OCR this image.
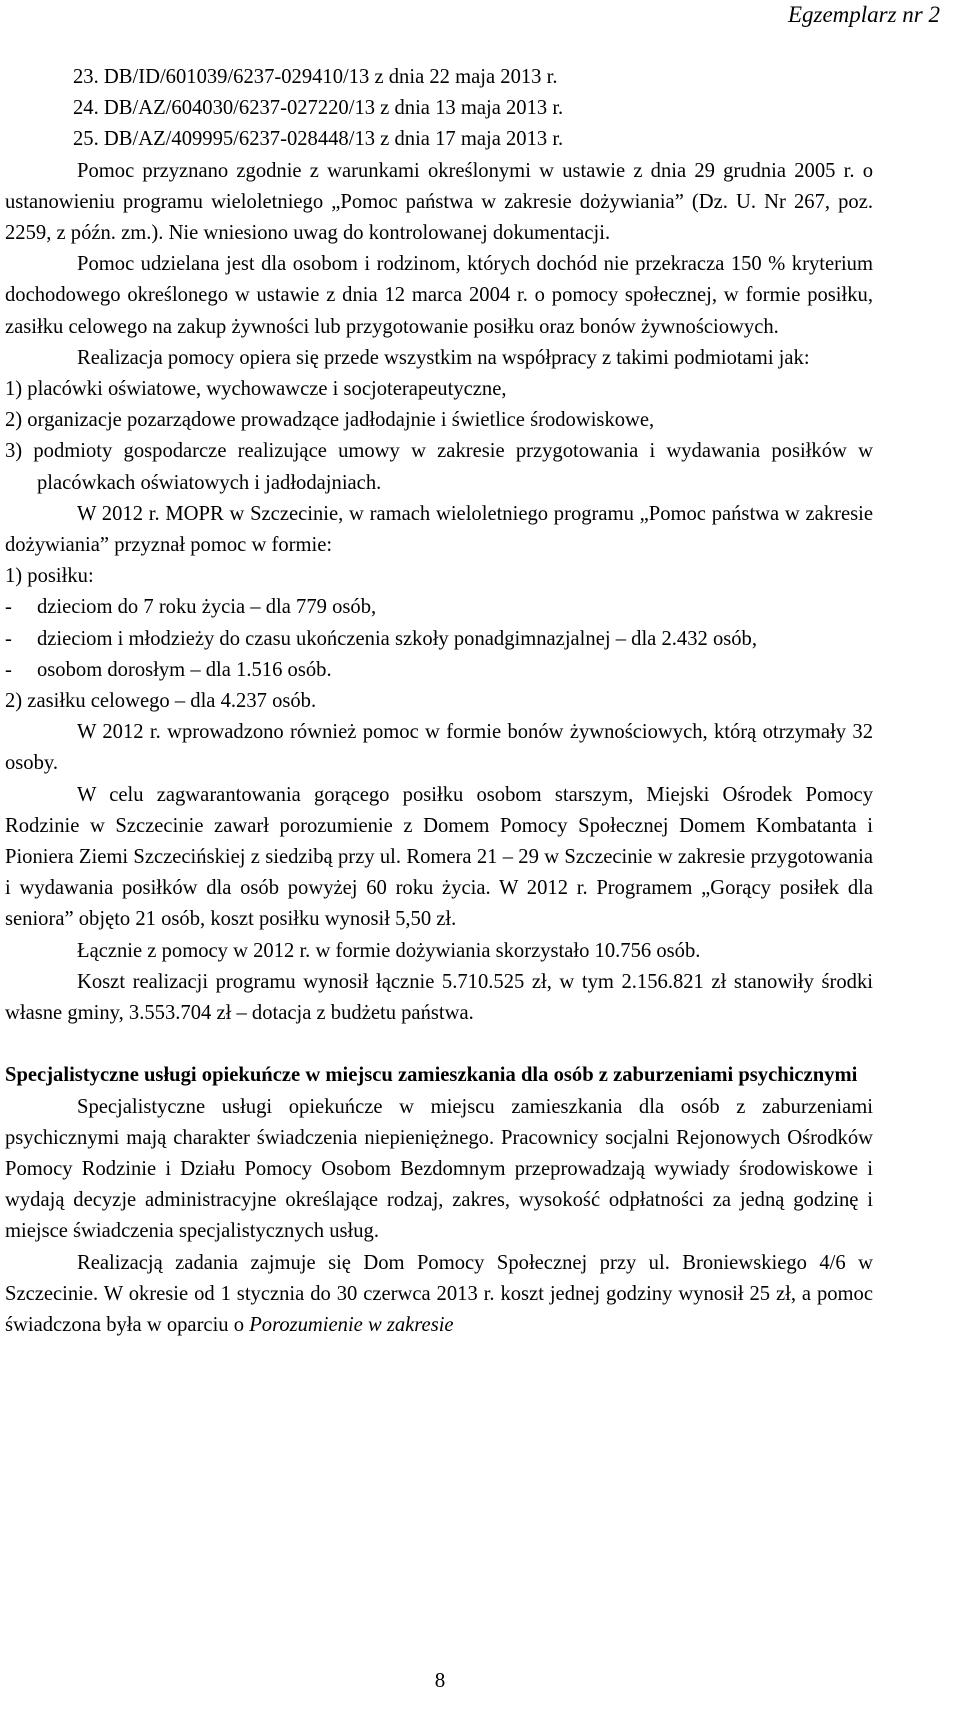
Egzemplarz nr 2
23. DB/ID/601039/6237-029410/13 z dnia 22 maja 2013 r.
24. DB/AZ/604030/6237-027220/13 z dnia 13 maja 2013 r.
25. DB/AZ/409995/6237-028448/13 z dnia 17 maja 2013 r.

Pomoc przyznano zgodnie z warunkami określonymi w ustawie z dnia 29 grudnia 2005 r. o ustanowieniu programu wieloletniego „Pomoc państwa w zakresie dożywiania” (Dz. U. Nr 267, poz. 2259, z późn. zm.). Nie wniesiono uwag do kontrolowanej dokumentacji.

Pomoc udzielana jest dla osobom i rodzinom, których dochód nie przekracza 150 % kryterium dochodowego określonego w ustawie z dnia 12 marca 2004 r. o pomocy społecznej, w formie posiłku, zasiłku celowego na zakup żywności lub przygotowanie posiłku oraz bonów żywnościowych.

Realizacja pomocy opiera się przede wszystkim na współpracy z takimi podmiotami jak:

1) placówki oświatowe, wychowawcze i socjoterapeutyczne,

2) organizacje pozarządowe prowadzące jadłodajnie i świetlice środowiskowe,

3) podmioty gospodarcze realizujące umowy w zakresie przygotowania i wydawania posiłków w placówkach oświatowych i jadłodajniach.

W 2012 r. MOPR w Szczecinie, w ramach wieloletniego programu „Pomoc państwa w zakresie dożywiania” przyznał pomoc w formie:

1) posiłku:

-	dzieciom do 7 roku życia – dla 779 osób,
-	dzieciom i młodzieży do czasu ukończenia szkoły ponadgimnazjalnej – dla 2.432 osób,
-	osobom dorosłym – dla 1.516 osób.

2) zasiłku celowego – dla 4.237 osób.

W 2012 r. wprowadzono również pomoc w formie bonów żywnościowych, którą otrzymały 32 osoby.

W celu zagwarantowania gorącego posiłku osobom starszym, Miejski Ośrodek Pomocy Rodzinie w Szczecinie zawarł porozumienie z Domem Pomocy Społecznej Domem Kombatanta i Pioniera Ziemi Szczecińskiej z siedzibą przy ul. Romera 21 – 29 w Szczecinie w zakresie przygotowania i wydawania posiłków dla osób powyżej 60 roku życia. W 2012 r. Programem „Gorący posiłek dla seniora” objęto 21 osób, koszt posiłku wynosił 5,50 zł.

Łącznie z pomocy w 2012 r. w formie dożywiania skorzystało 10.756 osób.

Koszt realizacji programu wynosił łącznie 5.710.525 zł, w tym 2.156.821 zł stanowiły środki własne gminy, 3.553.704 zł – dotacja z budżetu państwa.

Specjalistyczne usługi opiekuńcze w miejscu zamieszkania dla osób z zaburzeniami psychicznymi

Specjalistyczne usługi opiekuńcze w miejscu zamieszkania dla osób z zaburzeniami psychicznymi mają charakter świadczenia niepieniężnego. Pracownicy socjalni Rejonowych Ośrodków Pomocy Rodzinie i Działu Pomocy Osobom Bezdomnym przeprowadzają wywiady środowiskowe i wydają decyzje administracyjne określające rodzaj, zakres, wysokość odpłatności za jedną godzinę i miejsce świadczenia specjalistycznych usług.

Realizacją zadania zajmuje się Dom Pomocy Społecznej przy ul. Broniewskiego 4/6 w Szczecinie. W okresie od 1 stycznia do 30 czerwca 2013 r. koszt jednej godziny wynosił 25 zł, a pomoc świadczona była w oparciu o Porozumienie w zakresie

8
